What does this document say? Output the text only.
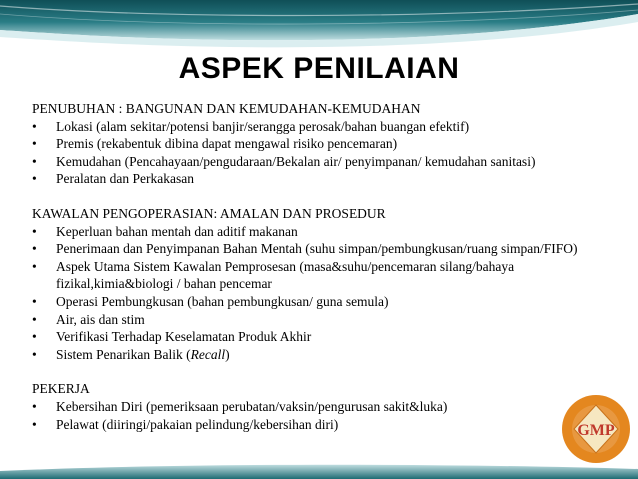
ASPEK PENILAIAN
PENUBUHAN : BANGUNAN DAN KEMUDAHAN-KEMUDAHAN
•	Lokasi (alam sekitar/potensi banjir/serangga perosak/bahan buangan efektif)
•	Premis (rekabentuk dibina dapat mengawal risiko pencemaran)
•	Kemudahan (Pencahayaan/pengudaraan/Bekalan air/ penyimpanan/ kemudahan sanitasi)
•	Peralatan dan Perkakasan
KAWALAN PENGOPERASIAN: AMALAN DAN PROSEDUR
•	Keperluan bahan mentah dan aditif makanan
•	Penerimaan dan Penyimpanan Bahan Mentah (suhu simpan/pembungkusan/ruang simpan/FIFO)
•	Aspek Utama Sistem Kawalan Pemprosesan (masa&suhu/pencemaran silang/bahaya fizikal,kimia&biologi / bahan pencemar
•	Operasi Pembungkusan (bahan pembungkusan/ guna semula)
•	Air, ais dan stim
•	Verifikasi Terhadap Keselamatan Produk Akhir
•	Sistem Penarikan Balik (Recall)
PEKERJA
•	Kebersihan Diri (pemeriksaan perubatan/vaksin/pengurusan sakit&luka)
•	Pelawat (diiringi/pakaian pelindung/kebersihan diri)	GMP
